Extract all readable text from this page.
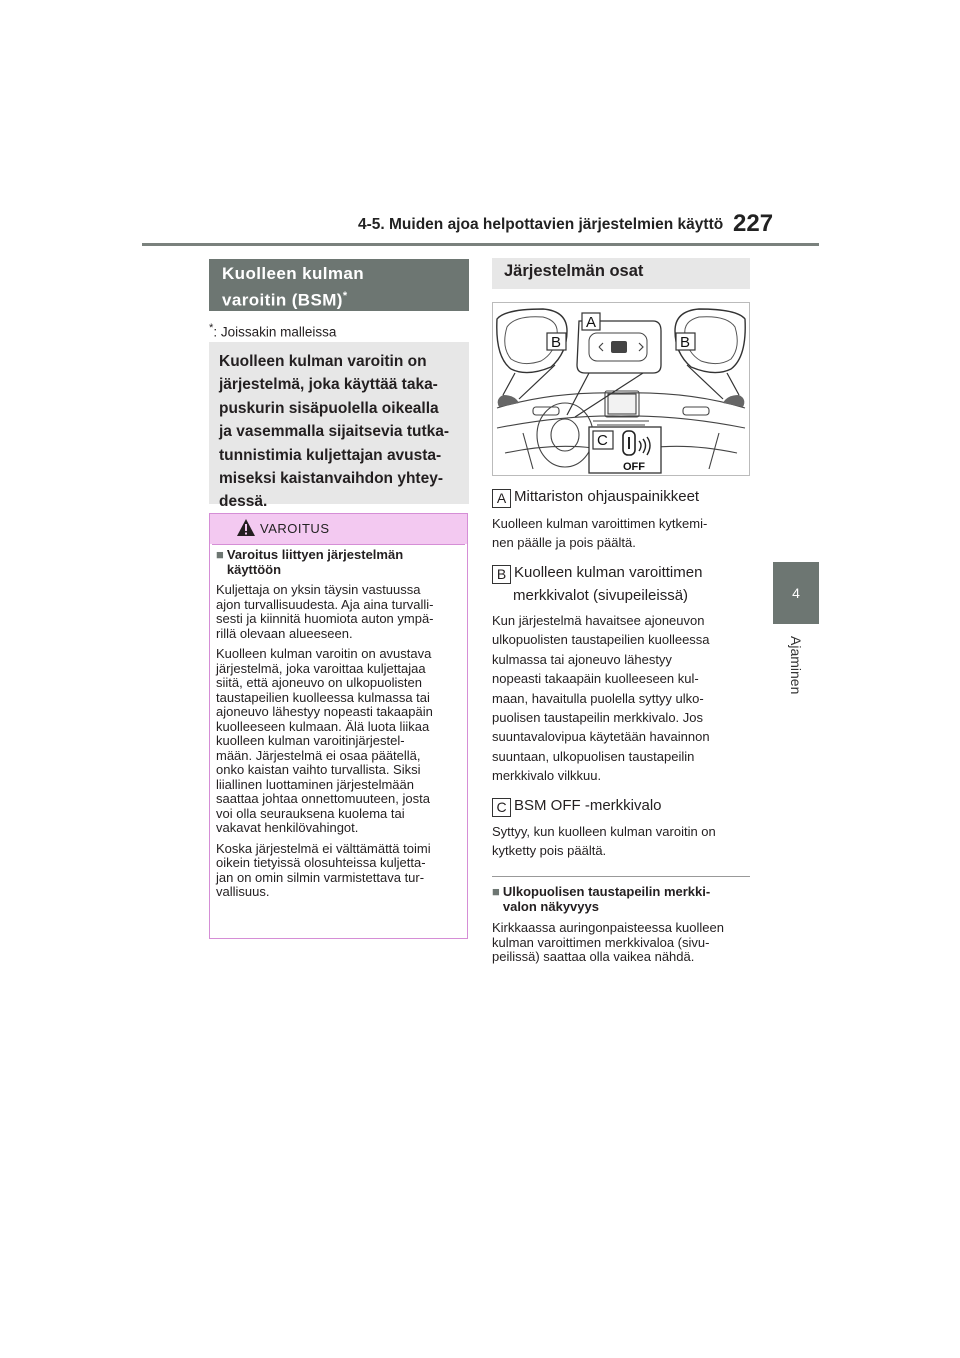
4-5. Muiden ajoa helpottavien järjestelmien käyttö 227
4
Ajaminen
Kuolleen kulman
varoitin (BSM)*
*: Joissakin malleissa
Kuolleen kulman varoitin on
järjestelmä, joka käyttää taka-
puskurin sisäpuolella oikealla
ja vasemmalla sijaitsevia tutka-
tunnistimia kuljettajan avusta-
miseksi kaistanvaihdon yhtey-
dessä.
VAROITUS

■ Varoitus liittyen järjestelmän
käyttöön

Kuljettaja on yksin täysin vastuussa
ajon turvallisuudesta. Aja aina turvalli-
sesti ja kiinnitä huomiota auton ympä-
rillä olevaan alueeseen.

Kuolleen kulman varoitin on avustava
järjestelmä, joka varoittaa kuljettajaa
siitä, että ajoneuvo on ulkopuolisten
taustapeilien kuolleessa kulmassa tai
ajoneuvo lähestyy nopeasti takaapäin
kuolleeseen kulmaan. Älä luota liikaa
kuolleen kulman varoitinjärjestel-
mään. Järjestelmä ei osaa päätellä,
onko kaistan vaihto turvallista. Siksi
liiallinen luottaminen järjestelmään
saattaa johtaa onnettomuuteen, josta
voi olla seurauksena kuolema tai
vakavat henkilövahingot.

Koska järjestelmä ei välttämättä toimi
oikein tietyissä olosuhteissa kuljetta-
jan on omin silmin varmistettava tur-
vallisuus.

Järjestelmän osat
A
B	B
C
OFF
A Mittariston ohjauspainikkeet
Kuolleen kulman varoittimen kytkemi-
nen päälle ja pois päältä.
B Kuolleen kulman varoittimen
merkkivalot (sivupeileissä)
Kun järjestelmä havaitsee ajoneuvon
ulkopuolisten taustapeilien kuolleessa
kulmassa tai ajoneuvo lähestyy
nopeasti takaapäin kuolleeseen kul-
maan, havaitulla puolella syttyy ulko-
puolisen taustapeilin merkkivalo. Jos
suuntavalovipua käytetään havainnon
suuntaan, ulkopuolisen taustapeilin
merkkivalo vilkkuu.
C BSM OFF -merkkivalo
Syttyy, kun kuolleen kulman varoitin on
kytketty pois päältä.
■ Ulkopuolisen taustapeilin merkki-
valon näkyvyys
Kirkkaassa auringonpaisteessa kuolleen
kulman varoittimen merkkivaloa (sivu-
peilissä) saattaa olla vaikea nähdä.
